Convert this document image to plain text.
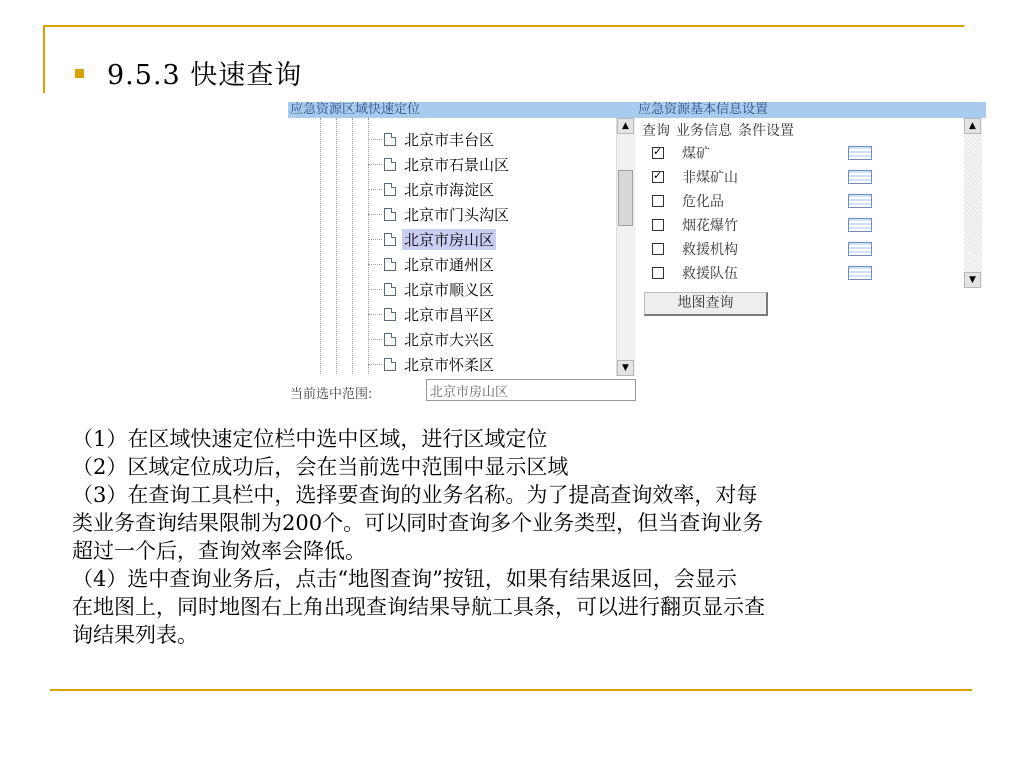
9.5.3 快速查询
应急资源区域快速定位
北京市丰台区
北京市石景山区
北京市海淀区
北京市门头沟区
北京市房山区
北京市通州区
北京市顺义区
北京市昌平区
北京市大兴区
北京市怀柔区
▲
▼
当前选中范围:
北京市房山区
应急资源基本信息设置
查询 业务信息 条件设置
✓
煤矿
✓
非煤矿山
危化品
烟花爆竹
救援机构
救援队伍
▲
▼
地图查询
（1）在区域快速定位栏中选中区域，进行区域定位
（2）区域定位成功后，会在当前选中范围中显示区域
（3）在查询工具栏中，选择要查询的业务名称。为了提高查询效率，对每
类业务查询结果限制为200个。可以同时查询多个业务类型，但当查询业务
超过一个后，查询效率会降低。
（4）选中查询业务后，点击“地图查询”按钮，如果有结果返回，会显示
在地图上，同时地图右上角出现查询结果导航工具条，可以进行翻页显示查
询结果列表。
